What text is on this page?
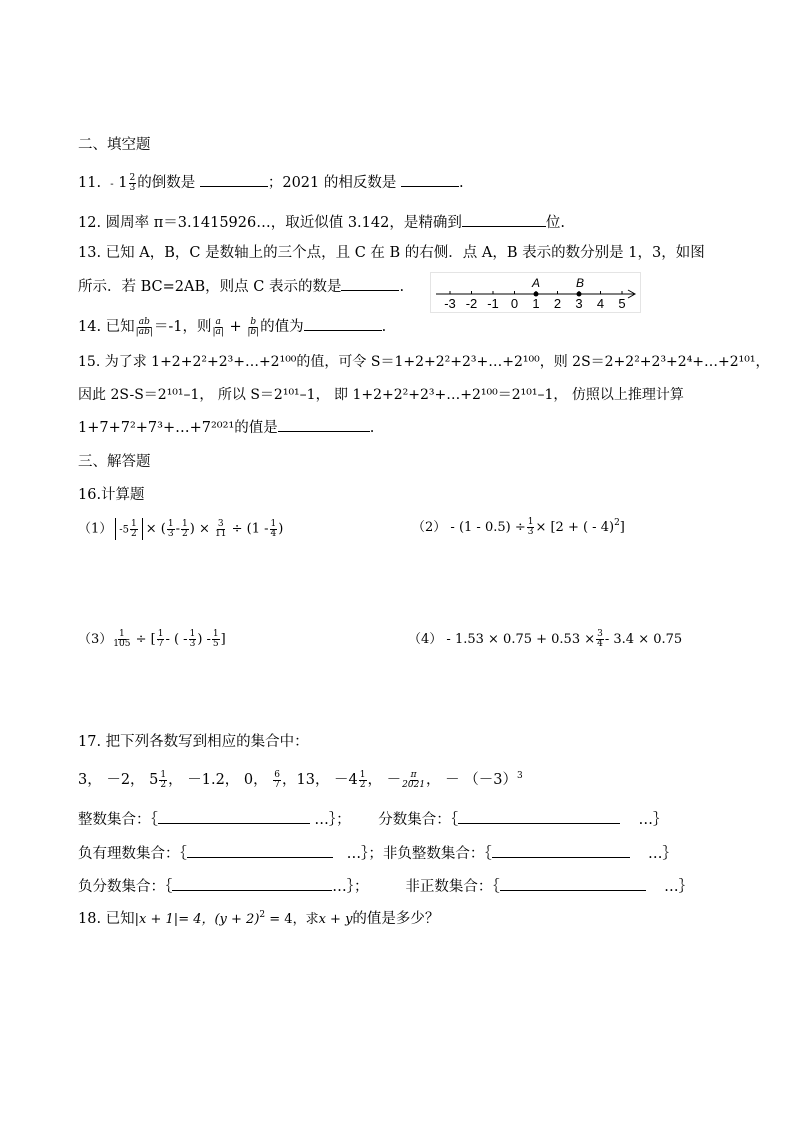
二、填空题
11. - $1 \frac{2}{3}$ 的倒数是	；2021 的相反数是	.
12. 圆周率 π＝3.1415926…，取近似值 3.142，是精确到	位.
13. 已知 A，B，C 是数轴上的三个点，且 C 在 B 的右侧．点 A，B 表示的数分别是 1，3，如图
所示．若 BC=2AB，则点 C 表示的数是	.
-3 -2 -1 0 1 2 3 4 5
A	B
14. 已知 $\frac{ab}{|ab|} =-1$，则 $\frac{a}{|a|} + \frac{b}{|b|}$ 的值为	.
15. 为了求 1+2+2²+2³+…+2¹⁰⁰的值，可令 S＝1+2+2²+2³+…+2¹⁰⁰，则 2S＝2+2²+2³+2⁴+…+2¹⁰¹，
因此 2S-S＝2¹⁰¹–1， 所以 S＝2¹⁰¹–1， 即 1+2+2²+2³+…+2¹⁰⁰＝2¹⁰¹–1， 仿照以上推理计算
1+7+7²+7³+…+7²⁰²¹的值是	.
三、解答题
16.计算题
（1） $-5 \frac{1}{2}$ × ( $\frac{1}{3} - \frac{1}{2}$ ) × $\frac{3}{11} \div (1 - \frac{1}{4}$ )	$(2) - (1 - 0.5) \div \frac{1}{3} \times [2$ + ( - 4)$^2$]
$(3) \frac{1}{105}$ ÷ [ $\frac{1}{7}$ - ( - $\frac{1}{3}$ ) - $\frac{1}{5}$ ]	$(4) - 1.53 \times 0.75 + 0.53 \times \frac{3}{4} - 3.4 \times 0.75$
17. 把下列各数写到相应的集合中：
3， －2， $5 \frac{1}{2}$ ， －1.2， 0， $\frac{6}{7}$ ，13， $-4 \frac{1}{2}$ ， － $\frac{\pi}{2021}$ ， － $(-3)^3$
整数集合：｛	…｝； 分数集合：｛	…｝
负有理数集合：｛	…｝；非负整数集合：｛	…｝
负分数集合：｛	…｝；	非正数集合：｛	…｝
18. 已知|x + 1|= 4，$(y + 2)^2 = 4$，求x + y的值是多少？
